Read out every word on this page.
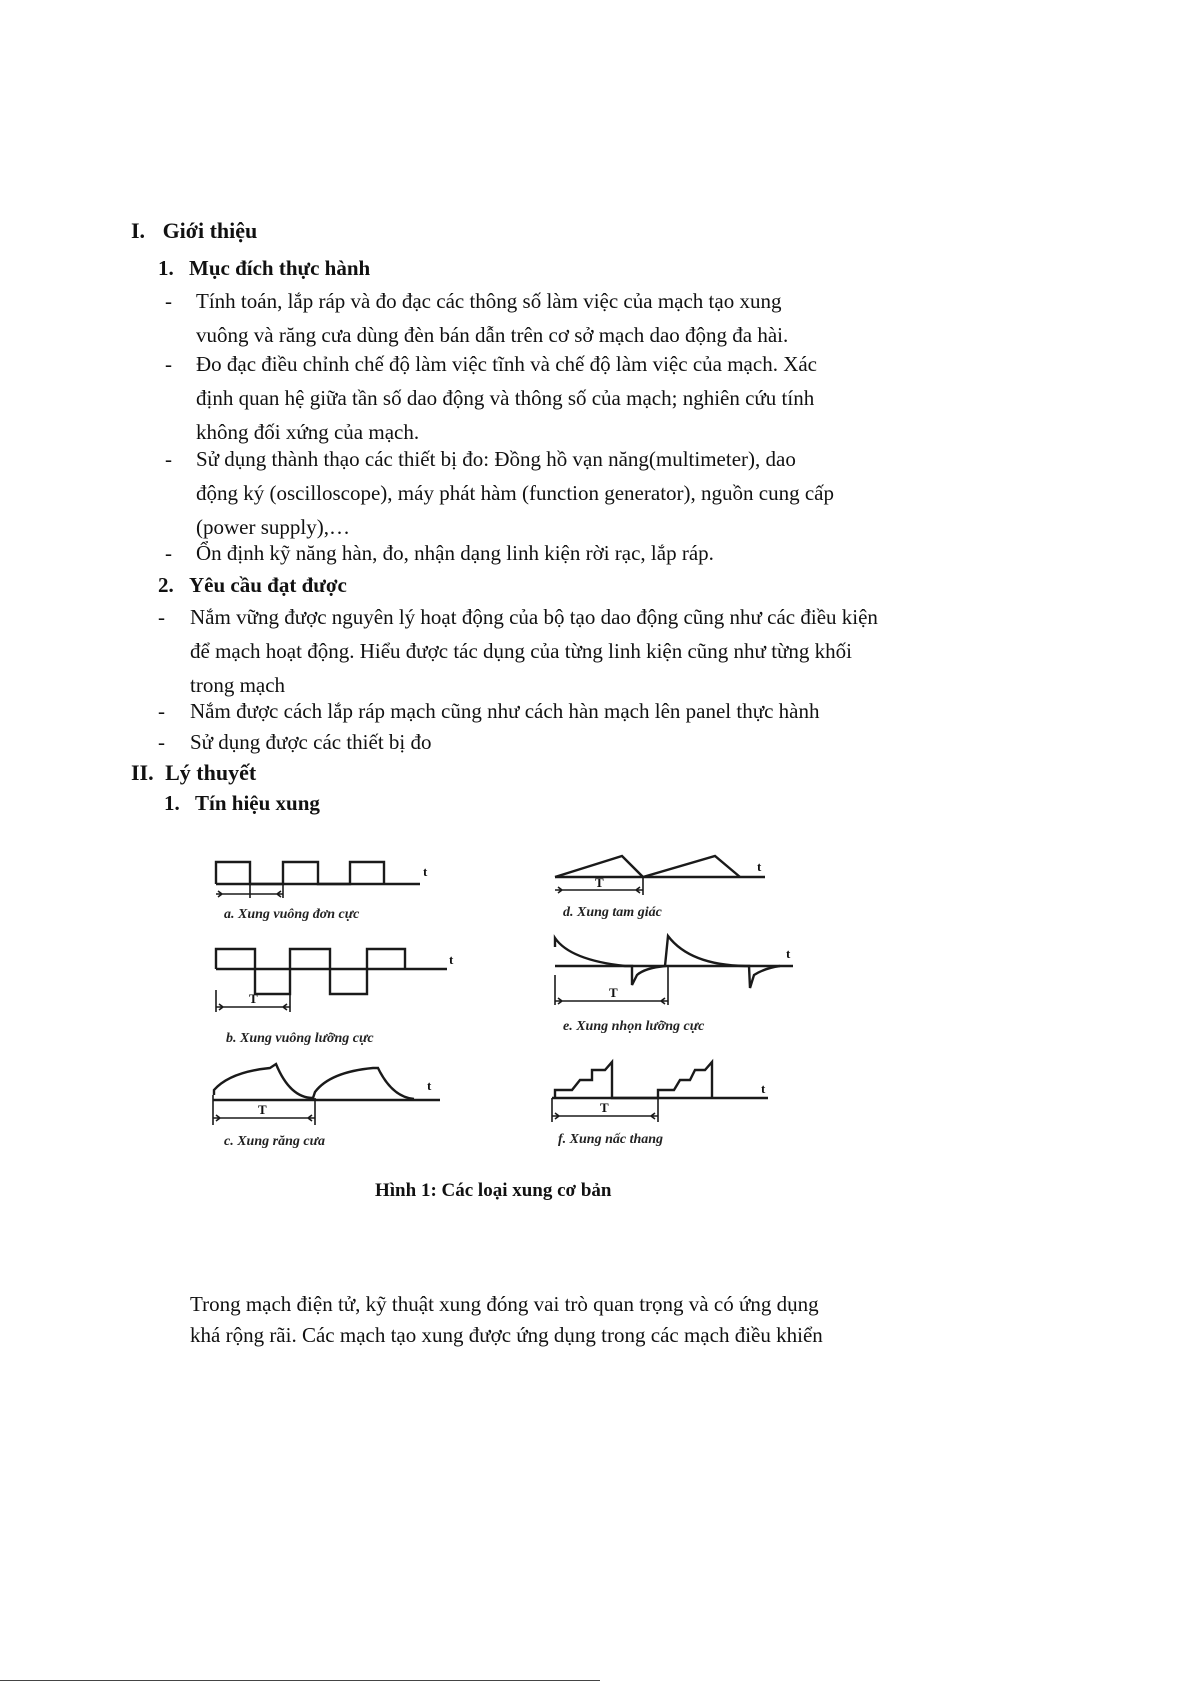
I. Giới thiệu
1. Mục đích thực hành
- Tính toán, lắp ráp và đo đạc các thông số làm việc của mạch tạo xung
vuông và răng cưa dùng đèn bán dẫn trên cơ sở mạch dao động đa hài.
- Đo đạc điều chỉnh chế độ làm việc tĩnh và chế độ làm việc của mạch. Xác
định quan hệ giữa tần số dao động và thông số của mạch; nghiên cứu tính
không đối xứng của mạch.
- Sử dụng thành thạo các thiết bị đo: Đồng hồ vạn năng(multimeter), dao
động ký (oscilloscope), máy phát hàm (function generator), nguồn cung cấp
(power supply),…
- Ổn định kỹ năng hàn, đo, nhận dạng linh kiện rời rạc, lắp ráp.
2. Yêu cầu đạt được
- Nắm vững được nguyên lý hoạt động của bộ tạo dao động cũng như các điều kiện
để mạch hoạt động. Hiểu được tác dụng của từng linh kiện cũng như từng khối
trong mạch
- Nắm được cách lắp ráp mạch cũng như cách hàn mạch lên panel thực hành
- Sử dụng được các thiết bị đo
II. Lý thuyết
1. Tín hiệu xung
t
a. Xung vuông đơn cực
T
t
b. Xung vuông lưỡng cực
T
t
c. Xung răng cưa
T
t
d. Xung tam giác
T
t
e. Xung nhọn lưỡng cực
T
t
f. Xung nấc thang
Hình 1: Các loại xung cơ bản
Trong mạch điện tử, kỹ thuật xung đóng vai trò quan trọng và có ứng dụng
khá rộng rãi. Các mạch tạo xung được ứng dụng trong các mạch điều khiển
